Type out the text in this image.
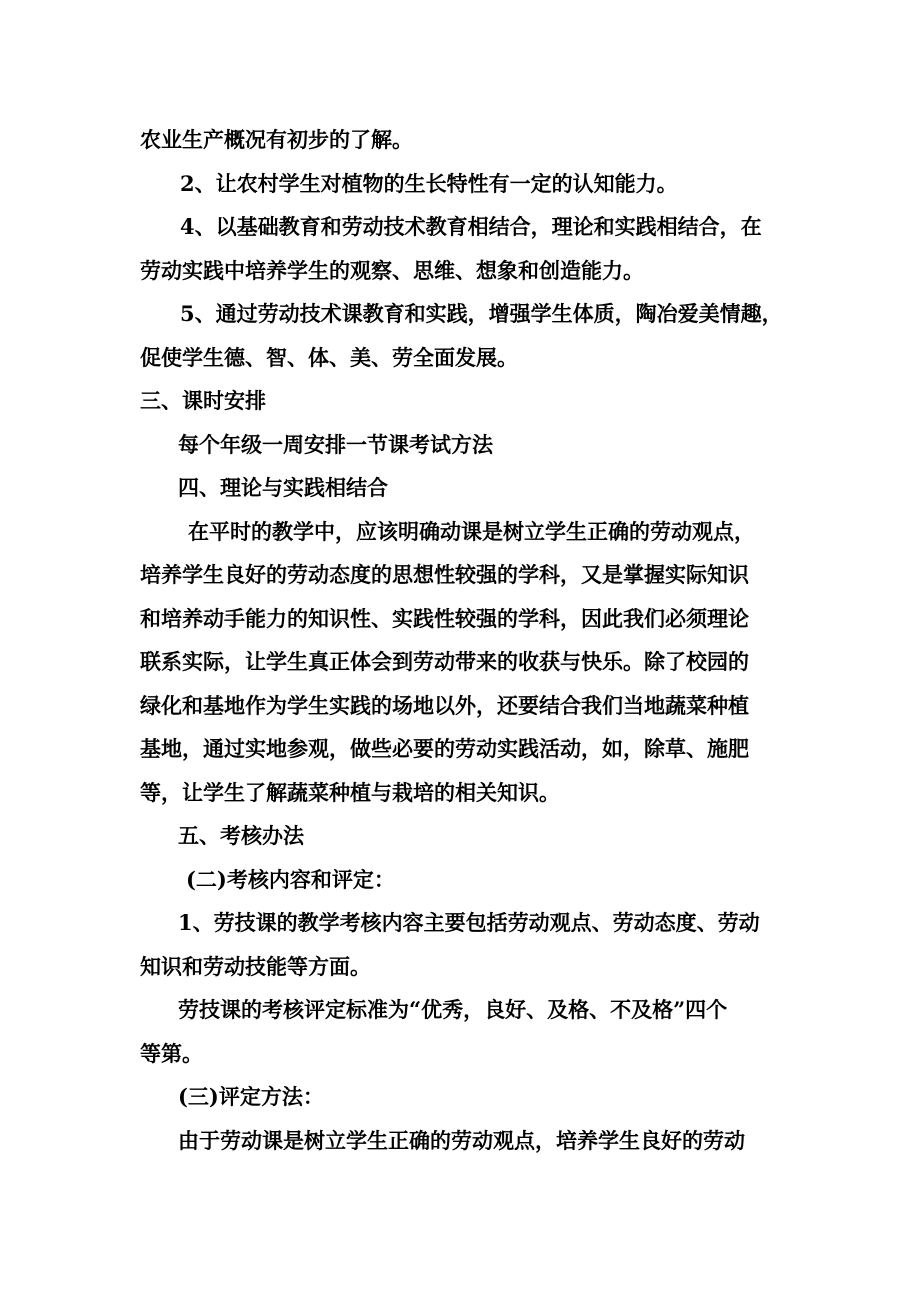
农业生产概况有初步的了解。
2、让农村学生对植物的生长特性有一定的认知能力。
4、以基础教育和劳动技术教育相结合，理论和实践相结合，在
劳动实践中培养学生的观察、思维、想象和创造能力。
5、通过劳动技术课教育和实践，增强学生体质，陶冶爱美情趣，
促使学生德、智、体、美、劳全面发展。
三、课时安排
每个年级一周安排一节课考试方法
四、理论与实践相结合
在平时的教学中，应该明确动课是树立学生正确的劳动观点，
培养学生良好的劳动态度的思想性较强的学科，又是掌握实际知识
和培养动手能力的知识性、实践性较强的学科，因此我们必须理论
联系实际，让学生真正体会到劳动带来的收获与快乐。除了校园的
绿化和基地作为学生实践的场地以外，还要结合我们当地蔬菜种植
基地，通过实地参观，做些必要的劳动实践活动，如，除草、施肥
等，让学生了解蔬菜种植与栽培的相关知识。
五、考核办法
(二)考核内容和评定：
1、劳技课的教学考核内容主要包括劳动观点、劳动态度、劳动
知识和劳动技能等方面。
劳技课的考核评定标准为“优秀，良好、及格、不及格”四个
等第。
(三)评定方法：
由于劳动课是树立学生正确的劳动观点，培养学生良好的劳动
